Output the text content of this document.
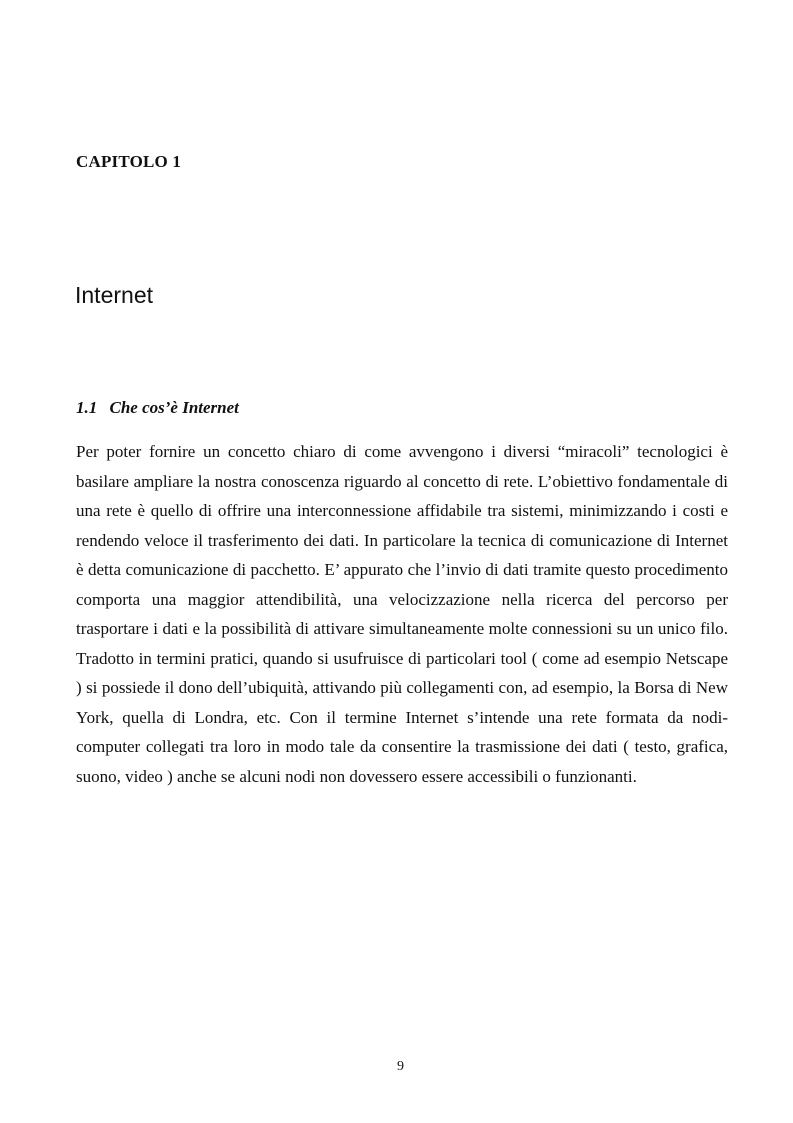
CAPITOLO 1
Internet
1.1 Che cos’è Internet

Per poter fornire un concetto chiaro di come avvengono i diversi “miracoli” tecnologici è basilare ampliare la nostra conoscenza riguardo al concetto di rete. L’obiettivo fondamentale di una rete è quello di offrire una interconnessione affidabile tra sistemi, minimizzando i costi e rendendo veloce il trasferimento dei dati. In particolare la tecnica di comunicazione di Internet è detta comunicazione di pacchetto. E’ appurato che l’invio di dati tramite questo procedimento comporta una maggior attendibilità, una velocizzazione nella ricerca del percorso per trasportare i dati e la possibilità di attivare simultaneamente molte connessioni su un unico filo. Tradotto in termini pratici, quando si usufruisce di particolari tool ( come ad esempio Netscape ) si possiede il dono dell’ubiquità, attivando più collegamenti con, ad esempio, la Borsa di New York, quella di Londra, etc. Con il termine Internet s’intende una rete formata da nodi-computer collegati tra loro in modo tale da consentire la trasmissione dei dati ( testo, grafica, suono, video ) anche se alcuni nodi non dovessero essere accessibili o funzionanti.

9
